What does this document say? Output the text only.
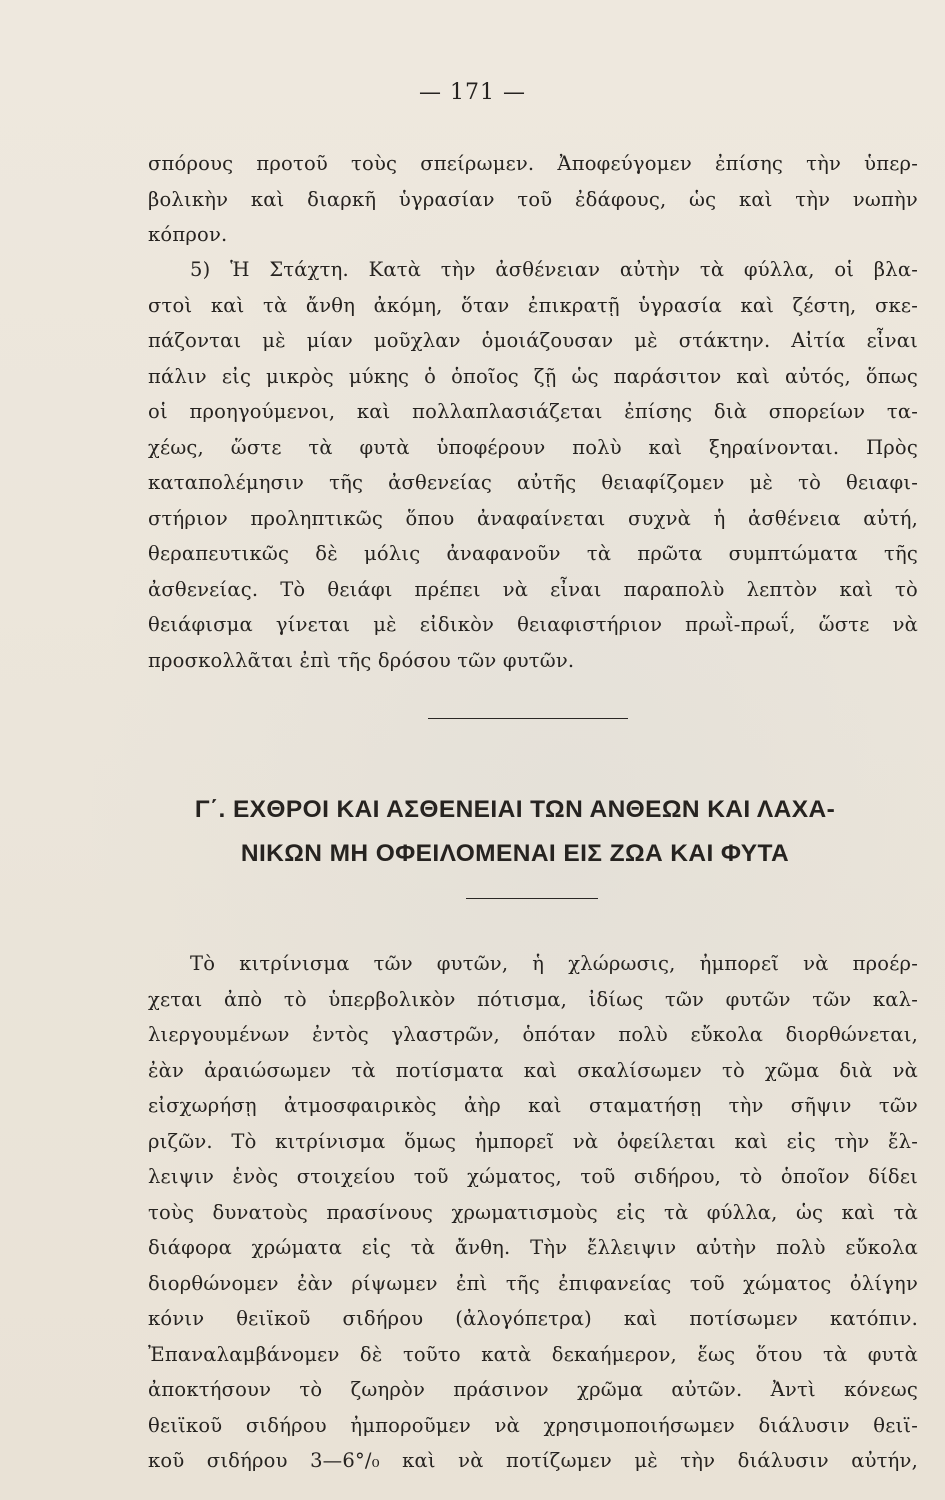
— 171 —
σπόρους προτοῦ τοὺς σπείρωμεν. Ἀποφεύγομεν ἐπίσης τὴν ὑπερ-
βολικὴν καὶ διαρκῆ ὑγρασίαν τοῦ ἐδάφους, ὡς καὶ τὴν νωπὴν
κόπρον.
5) Ἡ Στάχτη. Κατὰ τὴν ἀσθένειαν αὐτὴν τὰ φύλλα, οἱ βλα-
στοὶ καὶ τὰ ἄνθη ἀκόμη, ὅταν ἐπικρατῇ ὑγρασία καὶ ζέστη, σκε-
πάζονται μὲ μίαν μοῦχλαν ὁμοιάζουσαν μὲ στάκτην. Αἰτία εἶναι
πάλιν εἰς μικρὸς μύκης ὁ ὁποῖος ζῇ ὡς παράσιτον καὶ αὐτός, ὅπως
οἱ προηγούμενοι, καὶ πολλαπλασιάζεται ἐπίσης διὰ σπορείων τα-
χέως, ὥστε τὰ φυτὰ ὑποφέρουν πολὺ καὶ ξηραίνονται. Πρὸς
καταπολέμησιν τῆς ἀσθενείας αὐτῆς θειαφίζομεν μὲ τὸ θειαφι-
στήριον προληπτικῶς ὅπου ἀναφαίνεται συχνὰ ἡ ἀσθένεια αὐτή,
θεραπευτικῶς δὲ μόλις ἀναφανοῦν τὰ πρῶτα συμπτώματα τῆς
ἀσθενείας. Τὸ θειάφι πρέπει νὰ εἶναι παραπολὺ λεπτὸν καὶ τὸ
θειάφισμα γίνεται μὲ εἰδικὸν θειαφιστήριον πρωῒ-πρωΐ, ὥστε νὰ
προσκολλᾶται ἐπὶ τῆς δρόσου τῶν φυτῶν.
Γ΄. ΕΧΘΡΟΙ ΚΑΙ ΑΣΘΕΝΕΙΑΙ ΤΩΝ ΑΝΘΕΩΝ ΚΑΙ ΛΑΧΑ-
ΝΙΚΩΝ ΜΗ ΟΦΕΙΛΟΜΕΝΑΙ ΕΙΣ ΖΩΑ ΚΑΙ ΦΥΤΑ
Τὸ κιτρίνισμα τῶν φυτῶν, ἡ χλώρωσις, ἠμπορεῖ νὰ προέρ-
χεται ἀπὸ τὸ ὑπερβολικὸν πότισμα, ἰδίως τῶν φυτῶν τῶν καλ-
λιεργουμένων ἐντὸς γλαστρῶν, ὁπόταν πολὺ εὔκολα διορθώνεται,
ἐὰν ἀραιώσωμεν τὰ ποτίσματα καὶ σκαλίσωμεν τὸ χῶμα διὰ νὰ
εἰσχωρήσῃ ἀτμοσφαιρικὸς ἀὴρ καὶ σταματήσῃ τὴν σῆψιν τῶν
ριζῶν. Τὸ κιτρίνισμα ὅμως ἠμπορεῖ νὰ ὀφείλεται καὶ εἰς τὴν ἔλ-
λειψιν ἑνὸς στοιχείου τοῦ χώματος, τοῦ σιδήρου, τὸ ὁποῖον δίδει
τοὺς δυνατοὺς πρασίνους χρωματισμοὺς εἰς τὰ φύλλα, ὡς καὶ τὰ
διάφορα χρώματα εἰς τὰ ἄνθη. Τὴν ἔλλειψιν αὐτὴν πολὺ εὔκολα
διορθώνομεν ἐὰν ρίψωμεν ἐπὶ τῆς ἐπιφανείας τοῦ χώματος ὀλίγην
κόνιν θειϊκοῦ σιδήρου (ἀλογόπετρα) καὶ ποτίσωμεν κατόπιν.
Ἐπαναλαμβάνομεν δὲ τοῦτο κατὰ δεκαήμερον, ἕως ὅτου τὰ φυτὰ
ἀποκτήσουν τὸ ζωηρὸν πράσινον χρῶμα αὐτῶν. Ἀντὶ κόνεως
θειϊκοῦ σιδήρου ἠμποροῦμεν νὰ χρησιμοποιήσωμεν διάλυσιν θειϊ-
κοῦ σιδήρου 3—6°/₀ καὶ νὰ ποτίζωμεν μὲ τὴν διάλυσιν αὐτήν,
